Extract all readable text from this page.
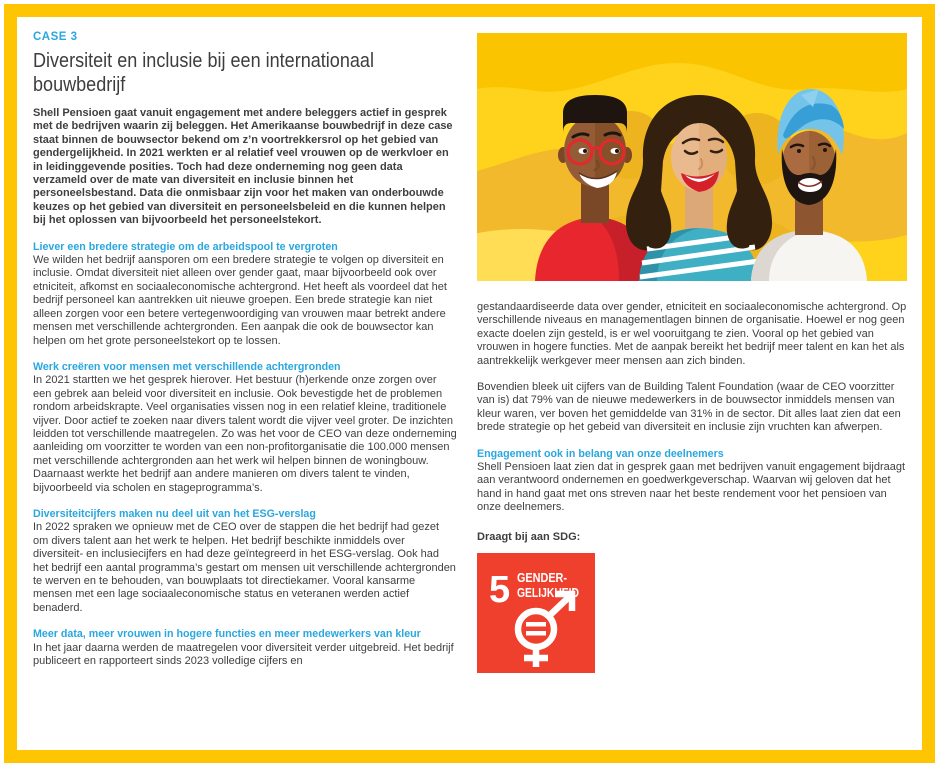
CASE 3
Diversiteit en inclusie bij een internationaal
bouwbedrijf

Shell Pensioen gaat vanuit engagement met andere beleggers actief in gesprek met de bedrijven waarin zij beleggen. Het Amerikaanse bouwbedrijf in deze case staat binnen de bouwsector bekend om z’n voortrekkersrol op het gebied van gendergelijkheid. In 2021 werkten er al relatief veel vrouwen op de werkvloer en in leidinggevende posities. Toch had deze onderneming nog geen data verzameld over de mate van diversiteit en inclusie binnen het personeelsbestand. Data die onmisbaar zijn voor het maken van onderbouwde keuzes op het gebied van diversiteit en personeelsbeleid en die kunnen helpen bij het oplossen van bijvoorbeeld het personeelstekort.

Liever een bredere strategie om de arbeidspool te vergroten

We wilden het bedrijf aansporen om een bredere strategie te volgen op diversiteit en inclusie. Omdat diversiteit niet alleen over gender gaat, maar bijvoorbeeld ook over etniciteit, afkomst en sociaaleconomische achtergrond. Het heeft als voordeel dat het bedrijf personeel kan aantrekken uit nieuwe groepen. Een brede strategie kan niet alleen zorgen voor een betere vertegenwoordiging van vrouwen maar betrekt andere mensen met verschillende achtergronden. Een aanpak die ook de bouwsector kan helpen om het grote personeelstekort op te lossen.

Werk creëren voor mensen met verschillende achtergronden

In 2021 startten we het gesprek hierover. Het bestuur (h)erkende onze zorgen over een gebrek aan beleid voor diversiteit en inclusie. Ook bevestigde het de problemen rondom arbeidskrapte. Veel organisaties vissen nog in een relatief kleine, traditionele vijver. Door actief te zoeken naar divers talent wordt die vijver veel groter. De inzichten leidden tot verschillende maatregelen. Zo was het voor de CEO van deze onderneming aanleiding om voorzitter te worden van een non-profitorganisatie die 100.000 mensen met verschillende achtergronden aan het werk wil helpen binnen de woningbouw. Daarnaast werkte het bedrijf aan andere manieren om divers talent te vinden, bijvoorbeeld via scholen en stageprogramma’s.

Diversiteitcijfers maken nu deel uit van het ESG-verslag

In 2022 spraken we opnieuw met de CEO over de stappen die het bedrijf had gezet om divers talent aan het werk te helpen. Het bedrijf beschikte inmiddels over diversiteit- en inclusiecijfers en had deze geïntegreerd in het ESG-verslag. Ook had het bedrijf een aantal programma’s gestart om mensen uit verschillende achtergronden te werven en te behouden, van bouwplaats tot directiekamer. Vooral kansarme mensen met een lage sociaaleconomische status en veteranen werden actief benaderd.

Meer data, meer vrouwen in hogere functies en meer medewerkers van kleur

In het jaar daarna werden de maatregelen voor diversiteit verder uitgebreid. Het bedrijf publiceert en rapporteert sinds 2023 volledige cijfers en

gestandaardiseerde data over gender, etniciteit en sociaaleconomische achtergrond. Op verschillende niveaus en managementlagen binnen de organisatie. Hoewel er nog geen exacte doelen zijn gesteld, is er wel vooruitgang te zien. Vooral op het gebied van vrouwen in hogere functies. Met de aanpak bereikt het bedrijf meer talent en kan het als aantrekkelijk werkgever meer mensen aan zich binden.

Bovendien bleek uit cijfers van de Building Talent Foundation (waar de CEO voorzitter van is) dat 79% van de nieuwe medewerkers in de bouwsector inmiddels mensen van kleur waren, ver boven het gemiddelde van 31% in de sector. Dit alles laat zien dat een brede strategie op het gebeid van diversiteit en inclusie zijn vruchten kan afwerpen.

Engagement ook in belang van onze deelnemers

Shell Pensioen laat zien dat in gesprek gaan met bedrijven vanuit engagement bijdraagt aan verantwoord ondernemen en goedwerkgeverschap. Waarvan wij geloven dat het hand in hand gaat met ons streven naar het beste rendement voor het pensioen van onze deelnemers.

Draagt bij aan SDG:

5 GENDER-
GELIJKHEID
